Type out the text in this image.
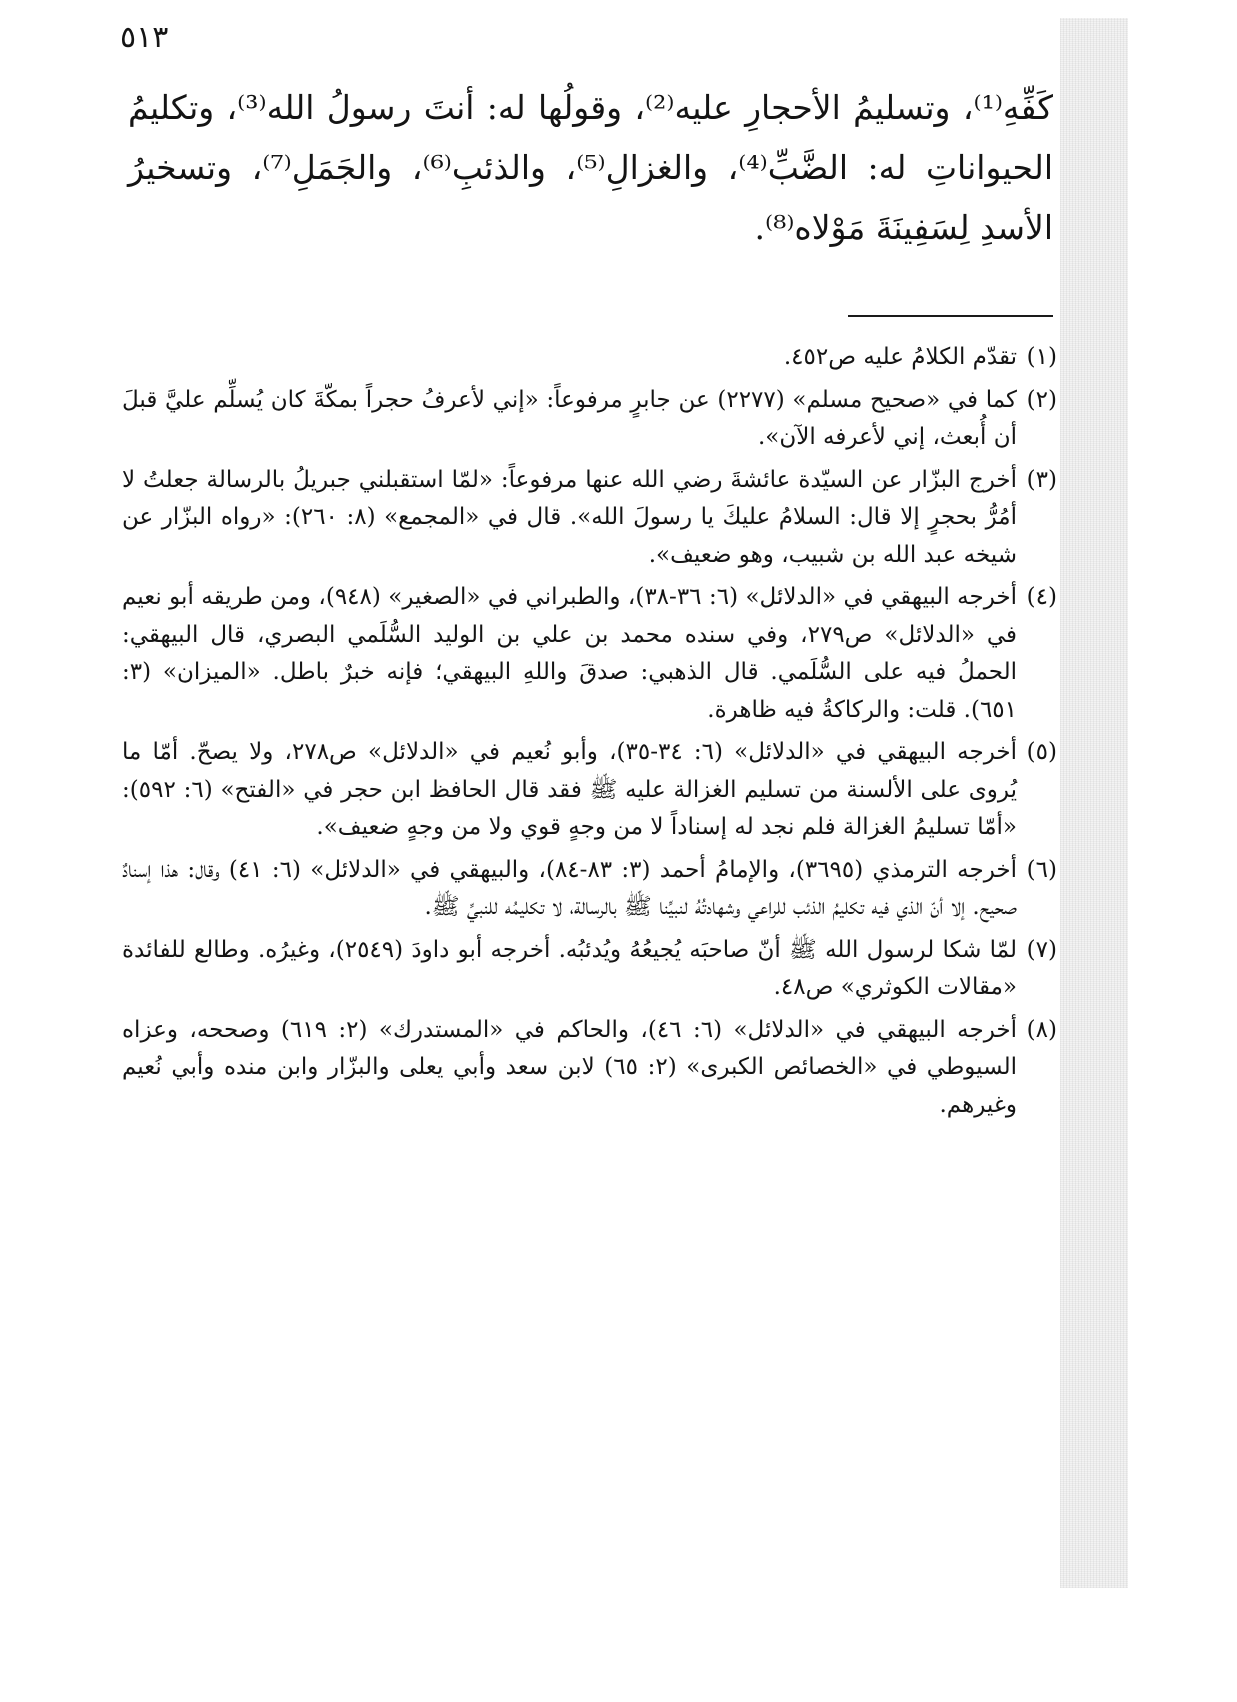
٥١٣

كَفِّهِ⁽¹⁾، وتسليمُ الأحجارِ عليه⁽²⁾، وقولُها له: أنتَ رسولُ الله⁽³⁾، وتكليمُ الحيواناتِ له: الضَّبِّ⁽⁴⁾، والغزالِ⁽⁵⁾، والذئبِ⁽⁶⁾، والجَمَلِ⁽⁷⁾، وتسخيرُ الأسدِ لِسَفِينَةَ مَوْلاه⁽⁸⁾.

(١)
تقدّم الكلامُ عليه ص٤٥٢.
(٢)
كما في «صحيح مسلم» (٢٢٧٧) عن جابرٍ مرفوعاً: «إني لأعرفُ حجراً بمكّةَ كان يُسلِّم عليَّ قبلَ أن أُبعث، إني لأعرفه الآن».
(٣)
أخرج البزّار عن السيّدة عائشةَ رضي الله عنها مرفوعاً: «لمّا استقبلني جبريلُ بالرسالة جعلتُ لا أمُرُّ بحجرٍ إلا قال: السلامُ عليكَ يا رسولَ الله». قال في «المجمع» (٨: ٢٦٠): «رواه البزّار عن شيخه عبد الله بن شبيب، وهو ضعيف».
(٤)
أخرجه البيهقي في «الدلائل» (٦: ٣٦-٣٨)، والطبراني في «الصغير» (٩٤٨)، ومن طريقه أبو نعيم في «الدلائل» ص٢٧٩، وفي سنده محمد بن علي بن الوليد السُّلَمي البصري، قال البيهقي: الحملُ فيه على السُّلَمي. قال الذهبي: صدقَ واللهِ البيهقي؛ فإنه خبرٌ باطل. «الميزان» (٣: ٦٥١). قلت: والركاكةُ فيه ظاهرة.
(٥)
أخرجه البيهقي في «الدلائل» (٦: ٣٤-٣٥)، وأبو نُعيم في «الدلائل» ص٢٧٨، ولا يصحّ. أمّا ما يُروى على الألسنة من تسليم الغزالة عليه ﷺ فقد قال الحافظ ابن حجر في «الفتح» (٦: ٥٩٢): «أمّا تسليمُ الغزالة فلم نجد له إسناداً لا من وجهٍ قوي ولا من وجهٍ ضعيف».
(٦)
أخرجه الترمذي (٣٦٩٥)، والإمامُ أحمد (٣: ٨٣-٨٤)، والبيهقي في «الدلائل» (٦: ٤١) وقال: هذا إسنادٌ صحيح. إلا أنّ الذي فيه تكليمُ الذئب للراعي وشهادتُهُ لنبيِّنا ﷺ بالرسالة، لا تكليمُه للنبيِّ ﷺ.
(٧)
لمّا شكا لرسول الله ﷺ أنّ صاحبَه يُجيعُهُ ويُدئبُه. أخرجه أبو داودَ (٢٥٤٩)، وغيرُه. وطالع للفائدة «مقالات الكوثري» ص٤٨.
(٨)
أخرجه البيهقي في «الدلائل» (٦: ٤٦)، والحاكم في «المستدرك» (٢: ٦١٩) وصححه، وعزاه السيوطي في «الخصائص الكبرى» (٢: ٦٥) لابن سعد وأبي يعلى والبزّار وابن منده وأبي نُعيم وغيرهم.
